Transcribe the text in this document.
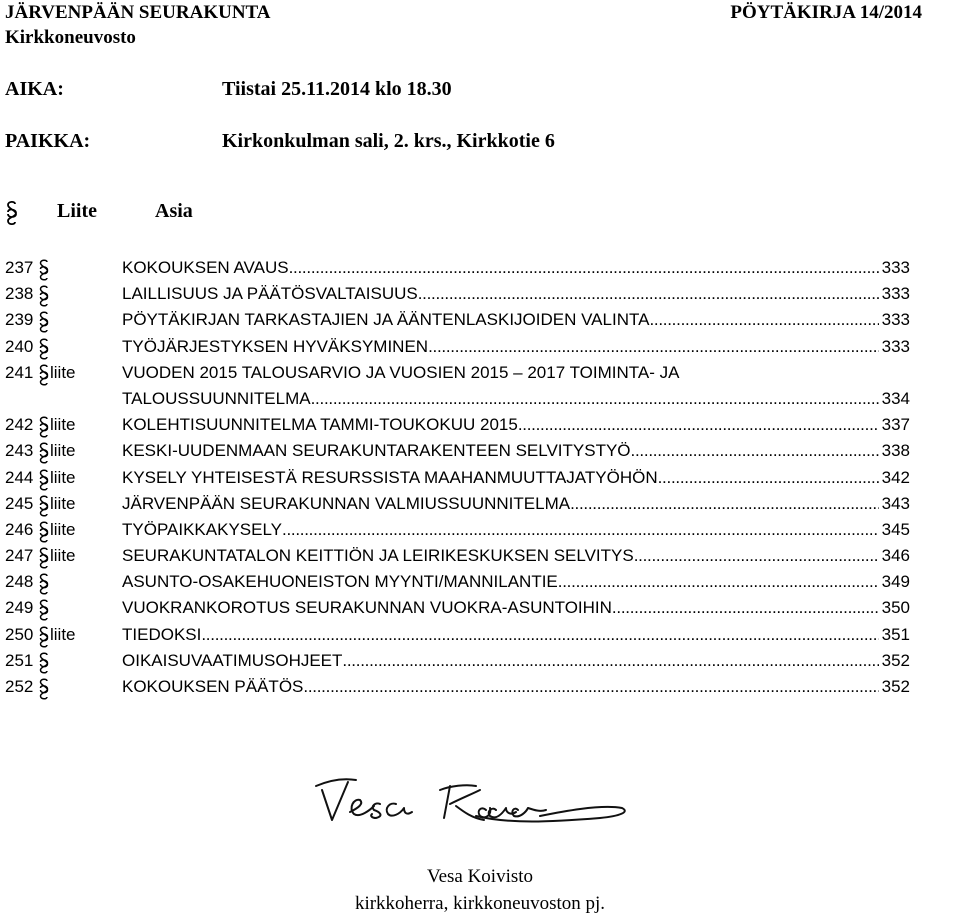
JÄRVENPÄÄN SEURAKUNTA	PÖYTÄKIRJA 14/2014
Kirkkoneuvosto
AIKA:	Tiistai 25.11.2014 klo 18.30
PAIKKA:	Kirkonkulman sali, 2. krs., Kirkkotie 6
Liite	Asia
237	KOKOUKSEN AVAUS . . .	333
238	LAILLISUUS JA PÄÄTÖSVALTAISUUS . . .	333
239	PÖYTÄKIRJAN TARKASTAJIEN JA ÄÄNTENLASKIJOIDEN VALINTA . . .	333
240	TYÖJÄRJESTYKSEN HYVÄKSYMINEN . . .	333
241 liite	VUODEN 2015 TALOUSARVIO JA VUOSIEN 2015 – 2017 TOIMINTA- JA
TALOUSSUUNNITELMA . . .	334
242 liite	KOLEHTISUUNNITELMA TAMMI-TOUKOKUU 2015 . . .	337
243 liite	KESKI-UUDENMAAN SEURAKUNTARAKENTEEN SELVITYSTYÖ . . .	338
244 liite	KYSELY YHTEISESTÄ RESURSSISTA MAAHANMUUTTAJATYÖHÖN . . .	342
245 liite	JÄRVENPÄÄN SEURAKUNNAN VALMIUSSUUNNITELMA . . .	343
246 liite	TYÖPAIKKAKYSELY . . .	345
247 liite	SEURAKUNTATALON KEITTIÖN JA LEIRIKESKUKSEN SELVITYS . . .	346
248	ASUNTO-OSAKEHUONEISTON MYYNTI/MANNILANTIE . . .	349
249	VUOKRANKOROTUS SEURAKUNNAN VUOKRA-ASUNTOIHIN . . .	350
250 liite	TIEDOKSI . . .	351
251	OIKAISUVAATIMUSOHJEET . . .	352
252	KOKOUKSEN PÄÄTÖS . . .	352
Vesa Koivisto
Vesa Koivisto
kirkkoherra, kirkkoneuvoston pj.
